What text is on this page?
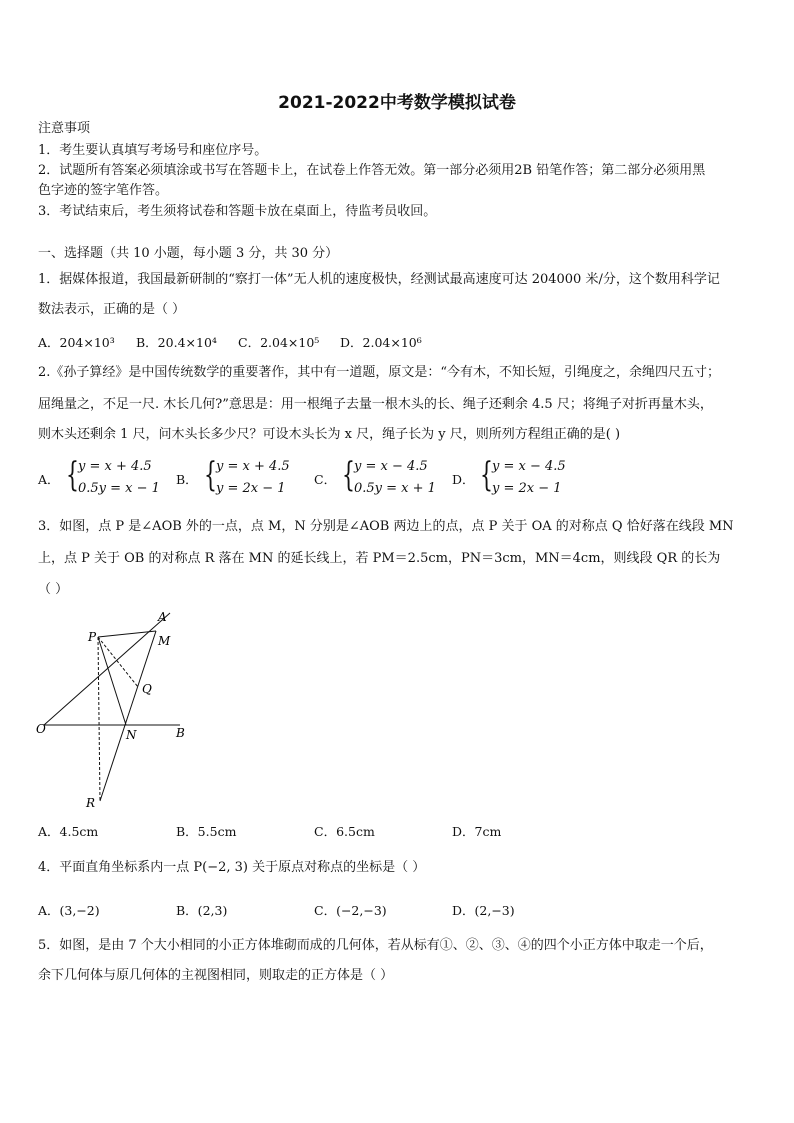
2021-2022中考数学模拟试卷
注意事项
1．考生要认真填写考场号和座位序号。
2．试题所有答案必须填涂或书写在答题卡上，在试卷上作答无效。第一部分必须用2B 铅笔作答；第二部分必须用黑
色字迹的签字笔作答。
3．考试结束后，考生须将试卷和答题卡放在桌面上，待监考员收回。
一、选择题（共 10 小题，每小题 3 分，共 30 分）
1．据媒体报道，我国最新研制的“察打一体”无人机的速度极快，经测试最高速度可达 204000 米/分，这个数用科学记
数法表示，正确的是（ ）
A．204×10³ B．20.4×10⁴ C．2.04×10⁵ D．2.04×10⁶
2.《孙子算经》是中国传统数学的重要著作，其中有一道题，原文是：“今有木，不知长短，引绳度之，余绳四尺五寸；
屈绳量之，不足一尺. 木长几何?”意思是：用一根绳子去量一根木头的长、绳子还剩余 4.5 尺；将绳子对折再量木头，
则木头还剩余 1 尺，问木头长多少尺？可设木头长为 x 尺，绳子长为 y 尺，则所列方程组正确的是( )
A． { y = x + 4.5
0.5y = x − 1
B． { y = x + 4.5
y = 2x − 1
C． { y = x − 4.5
0.5y = x + 1
D． { y = x − 4.5
y = 2x − 1
3．如图，点 P 是∠AOB 外的一点，点 M，N 分别是∠AOB 两边上的点，点 P 关于 OA 的对称点 Q 恰好落在线段 MN
上，点 P 关于 OB 的对称点 R 落在 MN 的延长线上，若 PM＝2.5cm，PN＝3cm，MN＝4cm，则线段 QR 的长为
（ ）
P
A
M
Q
O	N	B
R
A．4.5cm	B．5.5cm	C．6.5cm	D．7cm
4．平面直角坐标系内一点 P(−2, 3) 关于原点对称点的坐标是（ ）
A．(3,−2)	B．(2,3)	C．(−2,−3)	D．(2,−3)
5．如图，是由 7 个大小相同的小正方体堆砌而成的几何体，若从标有①、②、③、④的四个小正方体中取走一个后，
余下几何体与原几何体的主视图相同，则取走的正方体是（ ）
